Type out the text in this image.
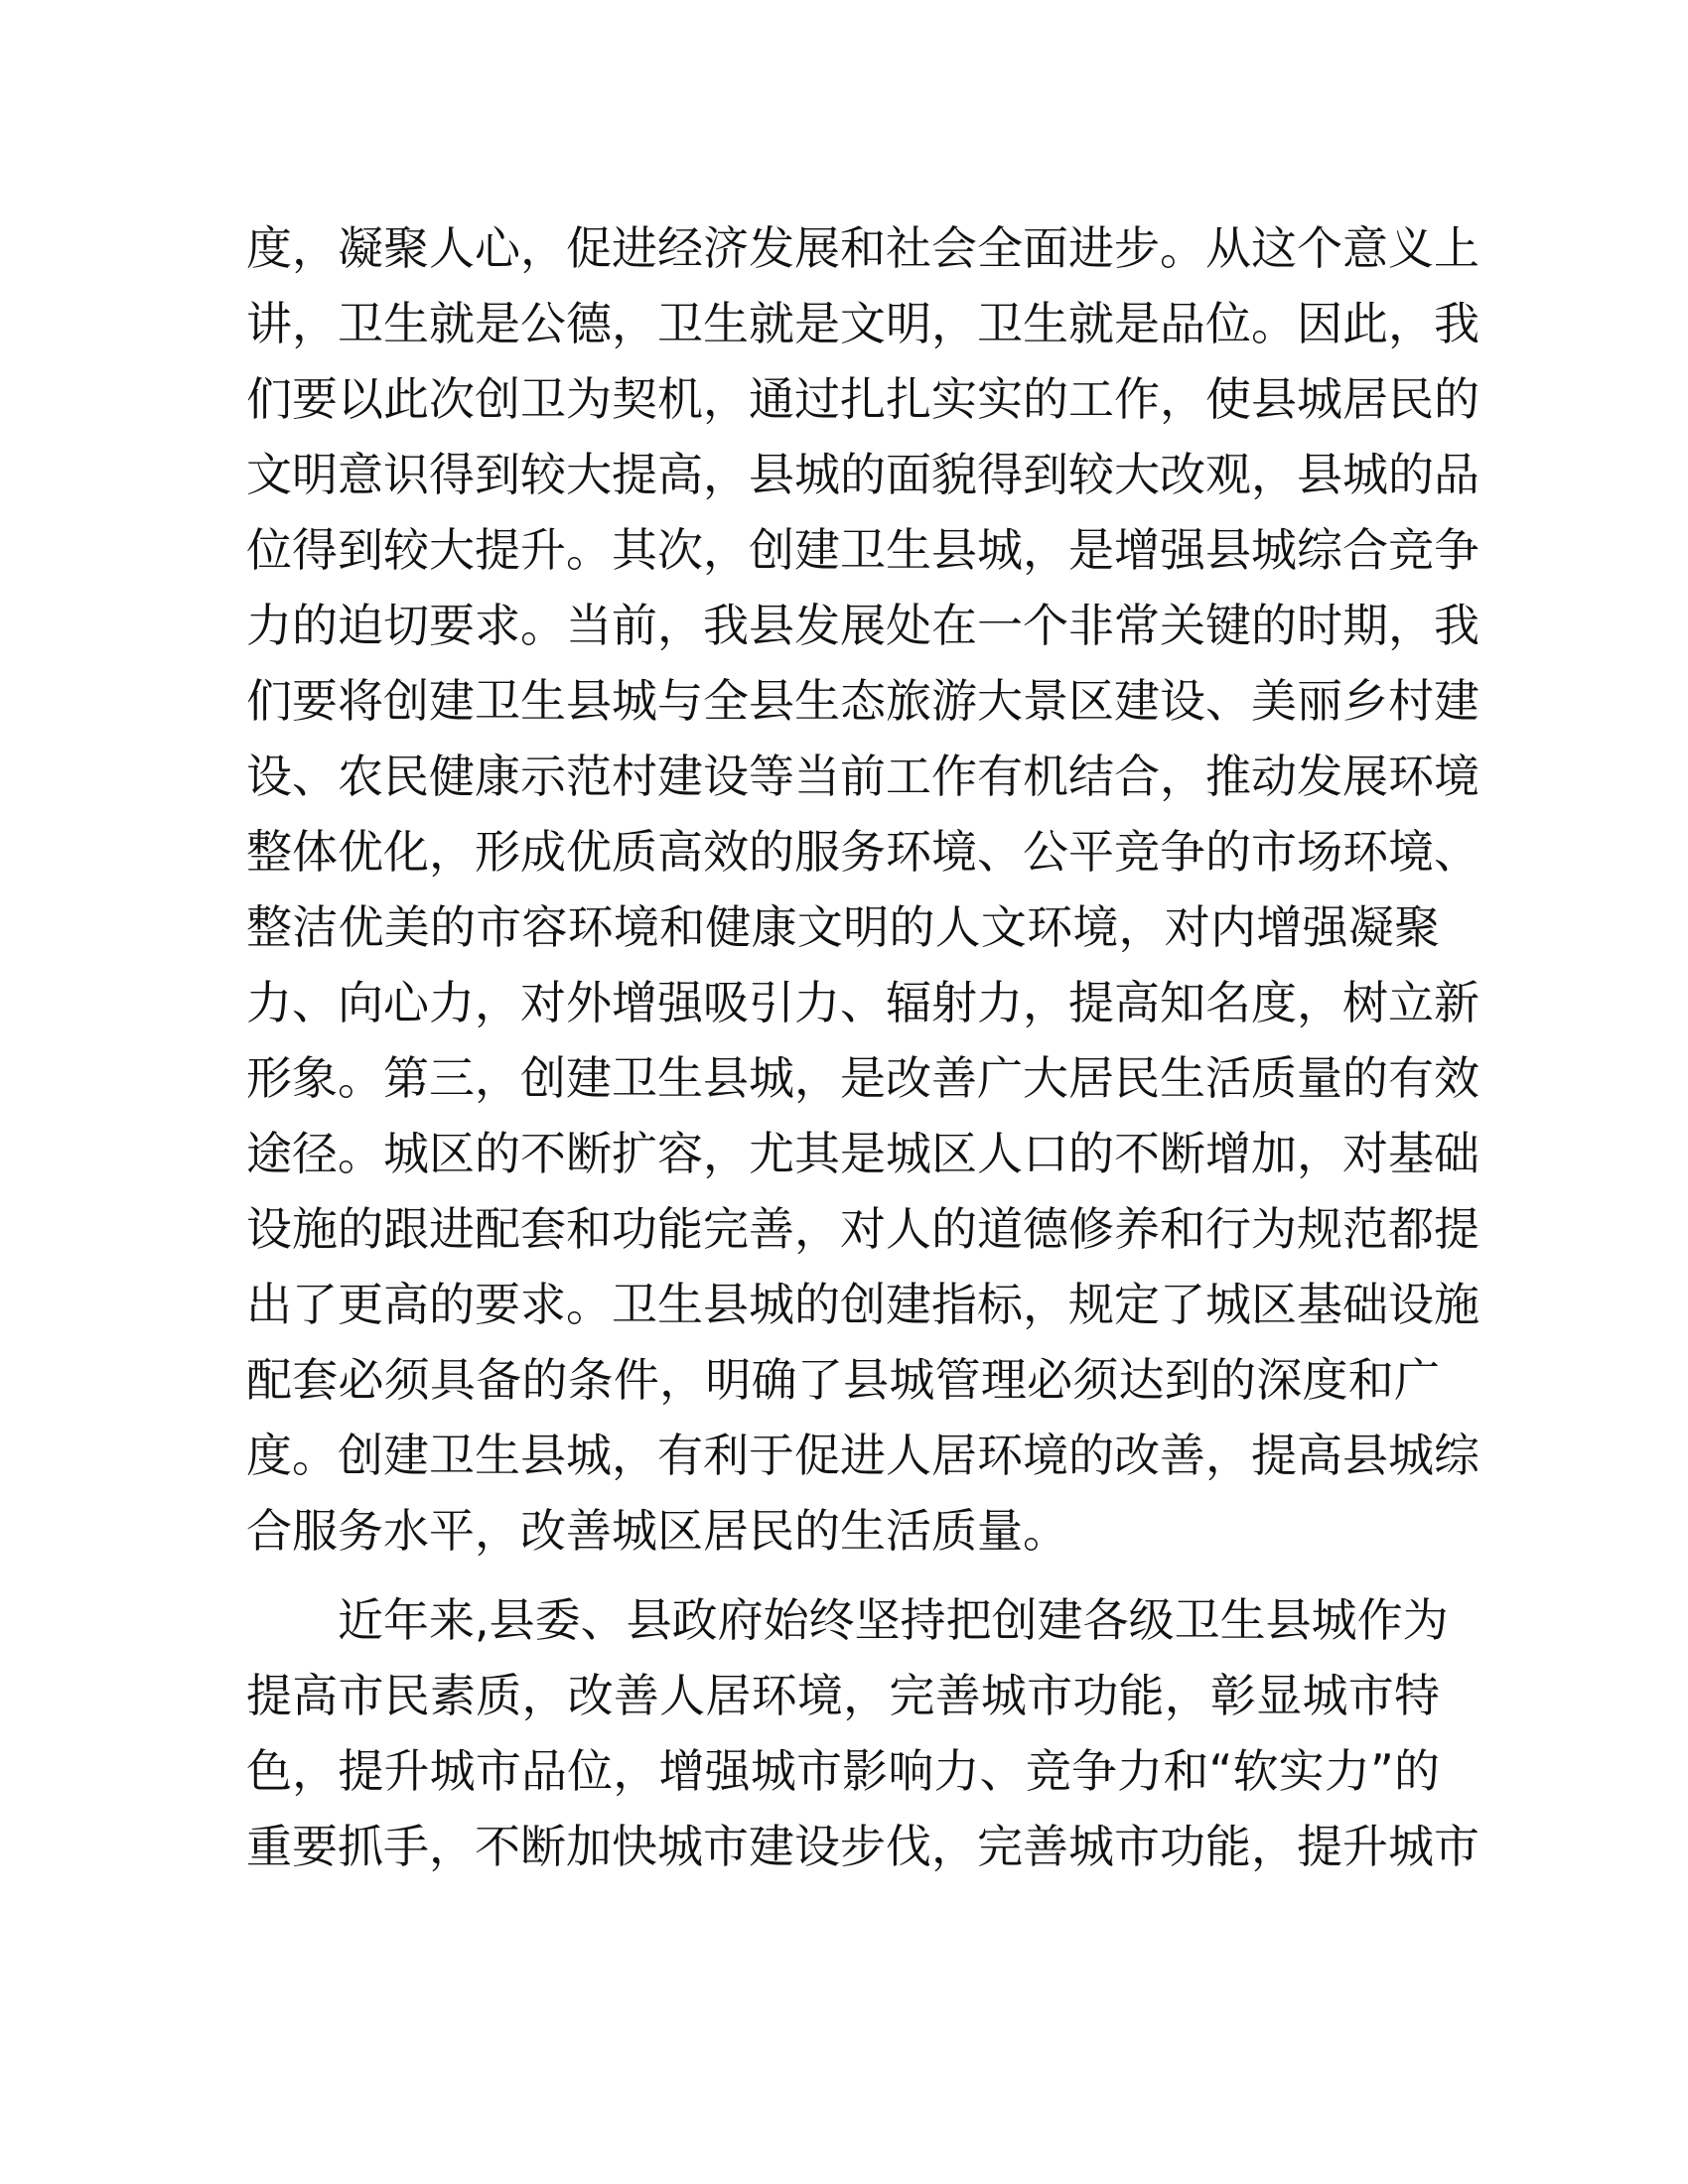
度，凝聚人心，促进经济发展和社会全面进步。从这个意义上
讲，卫生就是公德，卫生就是文明，卫生就是品位。因此，我
们要以此次创卫为契机，通过扎扎实实的工作，使县城居民的
文明意识得到较大提高，县城的面貌得到较大改观，县城的品
位得到较大提升。其次，创建卫生县城，是增强县城综合竞争
力的迫切要求。当前，我县发展处在一个非常关键的时期，我
们要将创建卫生县城与全县生态旅游大景区建设、美丽乡村建
设、农民健康示范村建设等当前工作有机结合，推动发展环境
整体优化，形成优质高效的服务环境、公平竞争的市场环境、
整洁优美的市容环境和健康文明的人文环境，对内增强凝聚
力、向心力，对外增强吸引力、辐射力，提高知名度，树立新
形象。第三，创建卫生县城，是改善广大居民生活质量的有效
途径。城区的不断扩容，尤其是城区人口的不断增加，对基础
设施的跟进配套和功能完善，对人的道德修养和行为规范都提
出了更高的要求。卫生县城的创建指标，规定了城区基础设施
配套必须具备的条件，明确了县城管理必须达到的深度和广
度。创建卫生县城，有利于促进人居环境的改善，提高县城综
合服务水平，改善城区居民的生活质量。
近年来,县委、县政府始终坚持把创建各级卫生县城作为
提高市民素质，改善人居环境，完善城市功能，彰显城市特
色，提升城市品位，增强城市影响力、竞争力和“软实力”的
重要抓手，不断加快城市建设步伐，完善城市功能，提升城市
